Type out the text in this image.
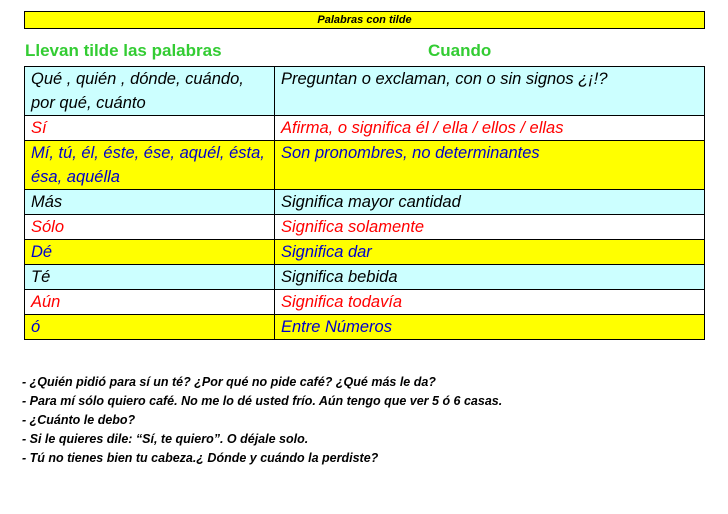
Palabras con tilde
Llevan tilde las palabras	Cuando
Qué , quién , dónde, cuándo, por qué, cuánto	Preguntan o exclaman, con o sin signos ¿¡!?
Sí	Afirma, o significa él / ella / ellos / ellas
Mí, tú, él, éste, ése, aquél, ésta, ésa, aquélla	Son pronombres, no determinantes
Más	Significa mayor cantidad
Sólo	Significa solamente
Dé	Significa dar
Té	Significa bebida
Aún	Significa todavía
ó	Entre Números
- ¿Quién pidió para sí un té? ¿Por qué no pide café? ¿Qué más le da?
- Para mí sólo quiero café. No me lo dé usted frío. Aún tengo que ver 5 ó 6 casas.
- ¿Cuánto le debo?
- Si le quieres dile: “Sí, te quiero”. O déjale solo.
- Tú no tienes bien tu cabeza.¿ Dónde y cuándo la perdiste?
